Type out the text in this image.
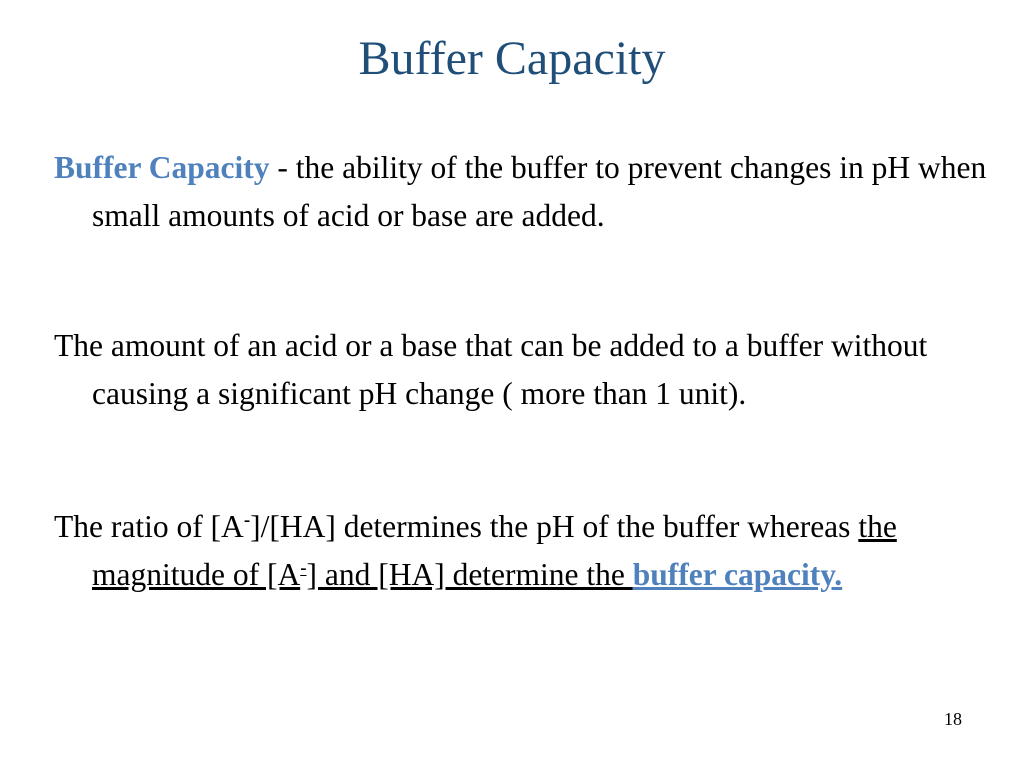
Buffer Capacity

Buffer Capacity - the ability of the buffer to prevent changes in pH when small amounts of acid or base are added.

The amount of an acid or a base that can be added to a buffer without causing a significant pH change ( more than 1 unit).

The ratio of [A-]/[HA] determines the pH of the buffer whereas the magnitude of [A-] and [HA] determine the buffer capacity.

18
